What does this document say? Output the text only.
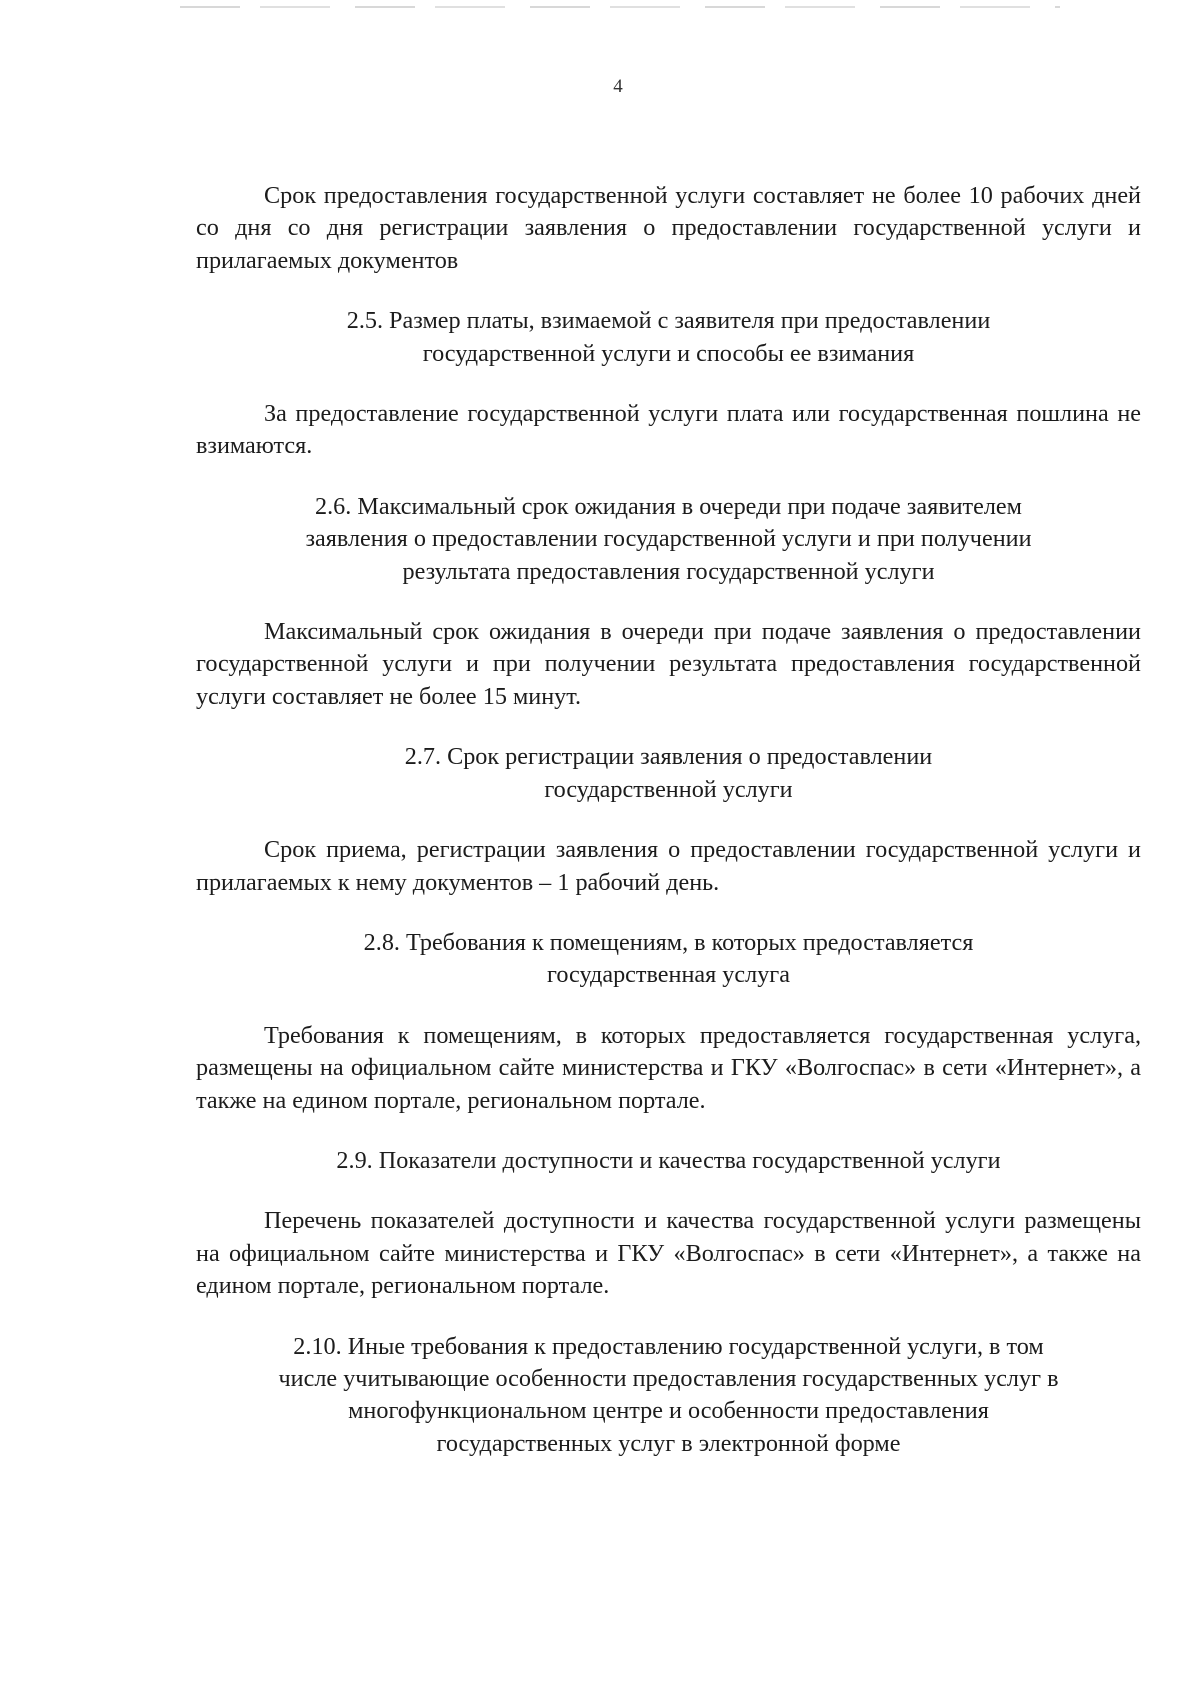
4

Срок предоставления государственной услуги составляет не более 10 рабочих дней со дня со дня регистрации заявления о предоставлении государственной услуги и прилагаемых документов

2.5. Размер платы, взимаемой с заявителя при предоставлении
государственной услуги и способы ее взимания

За предоставление государственной услуги плата или государственная пошлина не взимаются.

2.6. Максимальный срок ожидания в очереди при подаче заявителем
заявления о предоставлении государственной услуги и при получении
результата предоставления государственной услуги

Максимальный срок ожидания в очереди при подаче заявления о предоставлении государственной услуги и при получении результата предоставления государственной услуги составляет не более 15 минут.

2.7. Срок регистрации заявления о предоставлении
государственной услуги

Срок приема, регистрации заявления о предоставлении государственной услуги и прилагаемых к нему документов – 1 рабочий день.

2.8. Требования к помещениям, в которых предоставляется
государственная услуга

Требования к помещениям, в которых предоставляется государственная услуга, размещены на официальном сайте министерства и ГКУ «Волгоспас» в сети «Интернет», а также на едином портале, региональном портале.

2.9. Показатели доступности и качества государственной услуги

Перечень показателей доступности и качества государственной услуги размещены на официальном сайте министерства и ГКУ «Волгоспас» в сети «Интернет», а также на едином портале, региональном портале.

2.10. Иные требования к предоставлению государственной услуги, в том
числе учитывающие особенности предоставления государственных услуг в
многофункциональном центре и особенности предоставления
государственных услуг в электронной форме
